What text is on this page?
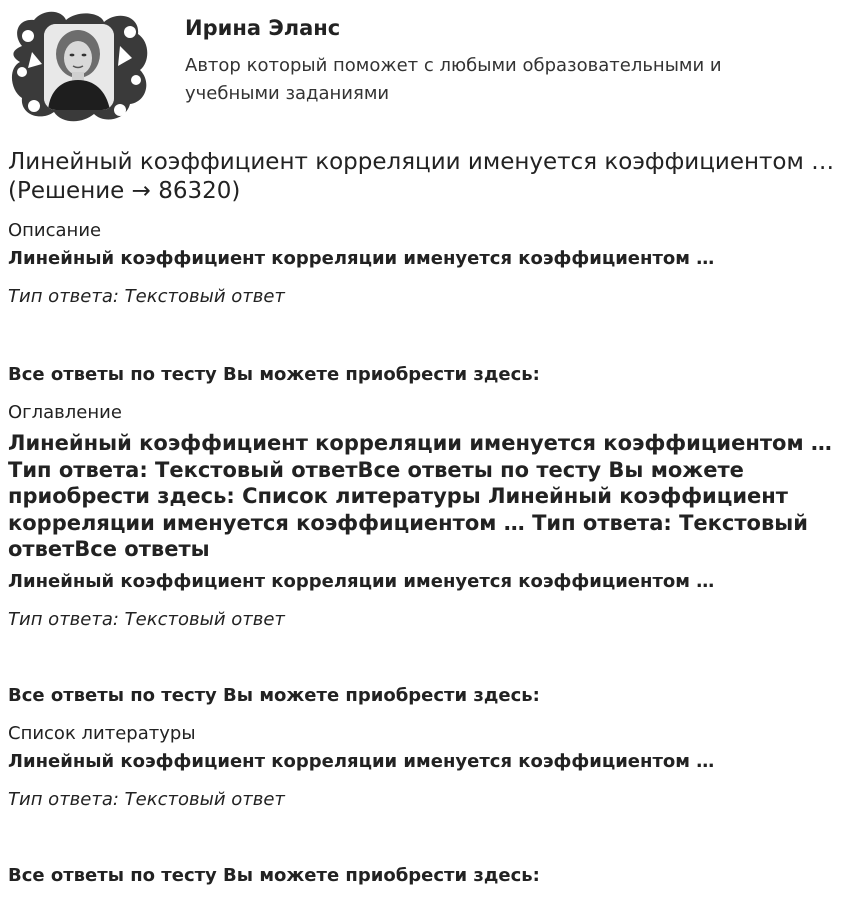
Ирина Эланс
Автор который поможет с любыми образовательными и учебными заданиями
Линейный коэффициент корреляции именуется коэффициентом … (Решение → 86320)

Описание

Линейный коэффициент корреляции именуется коэффициентом …

Тип ответа: Текстовый ответ

Все ответы по тесту Вы можете приобрести здесь:

Оглавление

Линейный коэффициент корреляции именуется коэффициентом … Тип ответа: Текстовый ответВсе ответы по тесту Вы можете приобрести здесь: Список литературы Линейный коэффициент корреляции именуется коэффициентом … Тип ответа: Текстовый ответВсе ответы

Линейный коэффициент корреляции именуется коэффициентом …

Тип ответа: Текстовый ответ

Все ответы по тесту Вы можете приобрести здесь:

Список литературы

Линейный коэффициент корреляции именуется коэффициентом …

Тип ответа: Текстовый ответ

Все ответы по тесту Вы можете приобрести здесь:
